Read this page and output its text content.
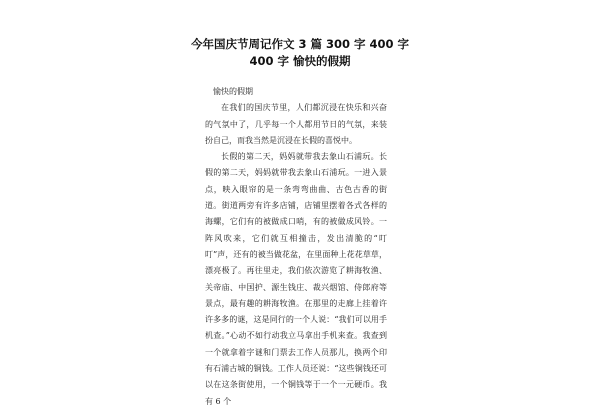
今年国庆节周记作文 3 篇 300 字 400 字 400 字 愉快的假期

愉快的假期

在我们的国庆节里，人们都沉浸在快乐和兴奋的气氛中了，几乎每一个人都用节日的气氛，来装扮自己，而我当然是沉浸在长假的喜悦中。

长假的第二天，妈妈就带我去象山石浦玩。长假的第二天，妈妈就带我去象山石浦玩。一进入景点，映入眼帘的是一条弯弯曲曲、古色古香的街道。街道两旁有许多店铺，店铺里摆着各式各样的海螺，它们有的被做成口哨，有的被做成风铃。一阵风吹来，它们就互相撞击，发出清脆的“叮叮”声，还有的被当做花盆，在里面种上花花草草，漂亮极了。再往里走，我们依次游览了耕海牧渔、关帝庙、中国护、源生钱庄、裁兴烟馆、侍郎府等景点，最有趣的耕海牧渔。在那里的走廊上挂着许许多多的谜，这是同行的一个人说：“我们可以用手机查。”心动不如行动我立马拿出手机来查。我查到一个就拿着字谜和门票去工作人员那儿，换两个印有石浦古城的铜钱。工作人员还说：“这些铜钱还可以在这条街使用，一个铜钱等于一个一元硬币。我有 6 个
